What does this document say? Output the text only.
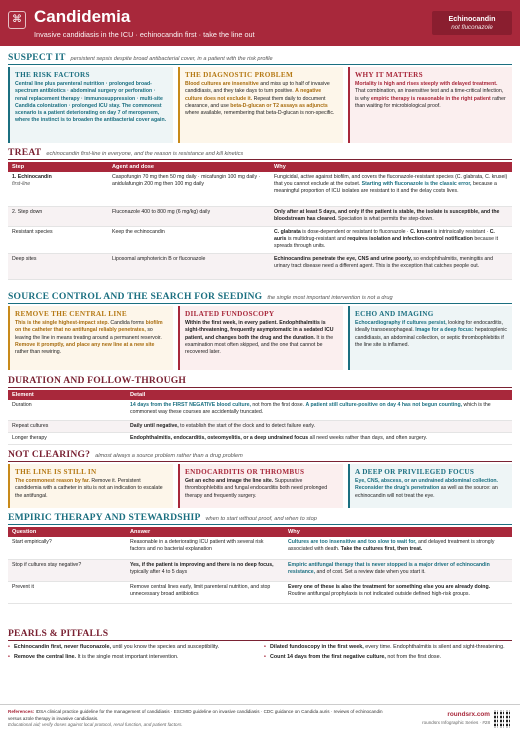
⌘ Candidemia
Invasive candidiasis in the ICU · echinocandin first · take the line out
Echinocandin
not fluconazole
SUSPECT IT persistent sepsis despite broad antibacterial cover, in a patient with the risk profile
THE RISK FACTORS
Central line plus parenteral nutrition · prolonged broad-spectrum antibiotics · abdominal surgery or perforation · renal replacement therapy · immunosuppression · multi-site Candida colonization · prolonged ICU stay. The commonest scenario is a patient deteriorating on day 7 of meropenem, where the instinct is to broaden the antibacterial cover again.
THE DIAGNOSTIC PROBLEM
Blood cultures are insensitive and miss up to half of invasive candidiasis, and they take days to turn positive. A negative culture does not exclude it. Repeat them daily to document clearance, and use beta-D-glucan or T2 assays as adjuncts where available, remembering that beta-D-glucan is non-specific.
WHY IT MATTERS
Mortality is high and rises steeply with delayed treatment. That combination, an insensitive test and a time-critical infection, is why empiric therapy is reasonable in the right patient rather than waiting for microbiological proof.
TREAT echinocandin first-line in everyone, and the reason is resistance and kill kinetics
Step	Agent and dose	Why

1. Echinocandin
first-line	Caspofungin 70 mg then 50 mg daily · micafungin 100 mg daily · anidulafungin 200 mg then 100 mg daily	Fungicidal, active against biofilm, and covers the fluconazole-resistant species (C. glabrata, C. krusei) that you cannot exclude at the outset. Starting with fluconazole is the classic error, because a meaningful proportion of ICU isolates are resistant to it and the delay costs lives.
2. Step down	Fluconazole 400 to 800 mg (6 mg/kg) daily	Only after at least 5 days, and only if the patient is stable, the isolate is susceptible, and the bloodstream has cleared. Speciation is what permits the step-down.
Resistant species	Keep the echinocandin	C. glabrata is dose-dependent or resistant to fluconazole · C. krusei is intrinsically resistant · C. auris is multidrug-resistant and requires isolation and infection-control notification because it spreads through units.
Deep sites	Liposomal amphotericin B or fluconazole	Echinocandins penetrate the eye, CNS and urine poorly, so endophthalmitis, meningitis and urinary tract disease need a different agent. This is the exception that catches people out.
SOURCE CONTROL AND THE SEARCH FOR SEEDING the single most important intervention is not a drug
REMOVE THE CENTRAL LINE
This is the single highest-impact step. Candida forms biofilm on the catheter that no antifungal reliably penetrates, so leaving the line in means treating around a permanent reservoir. Remove it promptly, and place any new line at a new site rather than rewiring.
DILATED FUNDOSCOPY
Within the first week, in every patient. Endophthalmitis is sight-threatening, frequently asymptomatic in a sedated ICU patient, and changes both the drug and the duration. It is the examination most often skipped, and the one that cannot be recovered later.
ECHO AND IMAGING
Echocardiography if cultures persist, looking for endocarditis, ideally transoesophageal. Image for a deep focus: hepatosplenic candidiasis, an abdominal collection, or septic thrombophlebitis if the line site is inflamed.
DURATION AND FOLLOW-THROUGH
Element	Detail
Duration	14 days from the FIRST NEGATIVE blood culture, not from the first dose. A patient still culture-positive on day 4 has not begun counting, which is the commonest way these courses are accidentally truncated.
Repeat cultures	Daily until negative, to establish the start of the clock and to detect failure early.
Longer therapy	Endophthalmitis, endocarditis, osteomyelitis, or a deep undrained focus all need weeks rather than days, and often surgery.
NOT CLEARING? almost always a source problem rather than a drug problem
THE LINE IS STILL IN
The commonest reason by far. Remove it. Persistent candidemia with a catheter in situ is not an indication to escalate the antifungal.
ENDOCARDITIS OR THROMBUS
Get an echo and image the line site. Suppurative thrombophlebitis and fungal endocarditis both need prolonged therapy and frequently surgery.
A DEEP OR PRIVILEGED FOCUS
Eye, CNS, abscess, or an undrained abdominal collection. Reconsider the drug's penetration as well as the source: an echinocandin will not treat the eye.
EMPIRIC THERAPY AND STEWARDSHIP when to start without proof, and when to stop
Question	Answer	Why
Start empirically?	Reasonable in a deteriorating ICU patient with several risk factors and no bacterial explanation	Cultures are too insensitive and too slow to wait for, and delayed treatment is strongly associated with death. Take the cultures first, then treat.
Stop if cultures stay negative?	Yes, if the patient is improving and there is no deep focus, typically after 4 to 5 days	Empiric antifungal therapy that is never stopped is a major driver of echinocandin resistance, and of cost. Set a review date when you start it.
Prevent it	Remove central lines early, limit parenteral nutrition, and stop unnecessary broad antibiotics	Every one of these is also the treatment for something else you are already doing. Routine antifungal prophylaxis is not indicated outside defined high-risk groups.
PEARLS & PITFALLS
• Echinocandin first, never fluconazole, until you know the species and susceptibility.
• Remove the central line. It is the single most important intervention.
• Dilated fundoscopy in the first week, every time. Endophthalmitis is silent and sight-threatening.
• Count 14 days from the first negative culture, not from the first dose.
References: IDSA clinical practice guideline for the management of candidiasis · ESCMID guideline on invasive candidiasis · CDC guidance on Candida auris · reviews of echinocandin versus azole therapy in invasive candidiasis.
Educational aid; verify doses against local protocol, renal function, and patient factors.
roundsrx.com
roundsrx Infographic Series · #28
